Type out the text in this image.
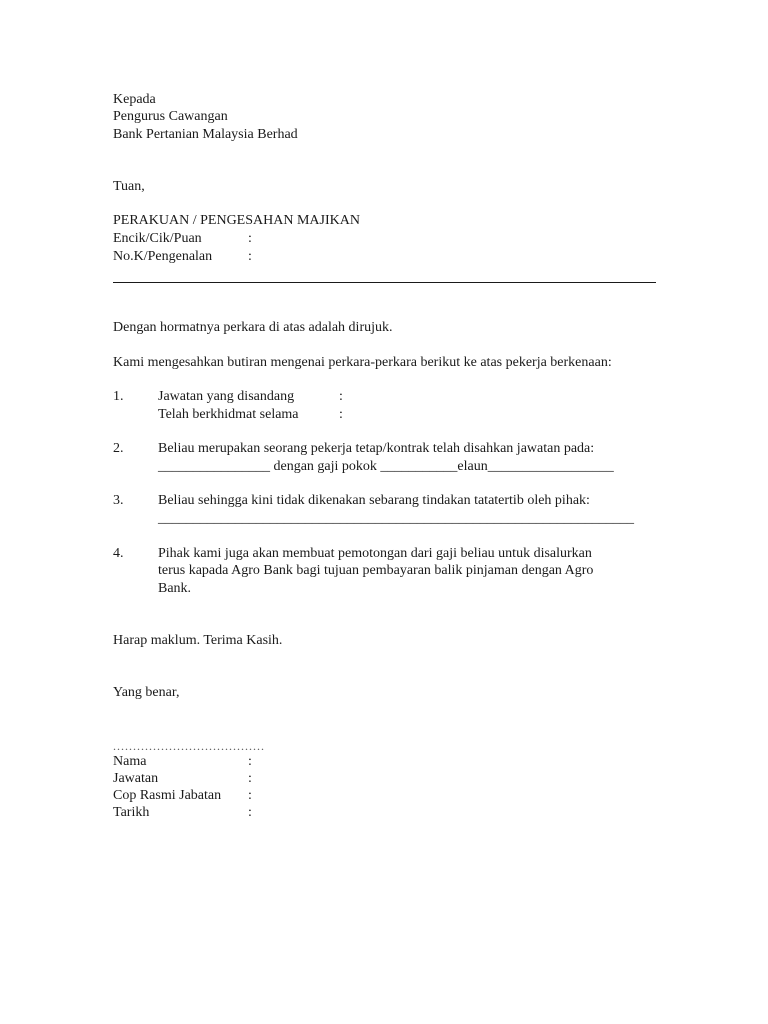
Kepada
Pengurus Cawangan
Bank Pertanian Malaysia Berhad
Tuan,
PERAKUAN / PENGESAHAN MAJIKAN
Encik/Cik/Puan	:
No.K/Pengenalan	:
Dengan hormatnya perkara di atas adalah dirujuk.
Kami mengesahkan butiran mengenai perkara-perkara berikut ke atas pekerja berkenaan:
1. Jawatan yang disandang	:
Telah berkhidmat selama	:
2. Beliau merupakan seorang pekerja tetap/kontrak telah disahkan jawatan pada:
________________ dengan gaji pokok ___________elaun__________________
3. Beliau sehingga kini tidak dikenakan sebarang tindakan tatatertib oleh pihak:
____________________________________________________________________
4. Pihak kami juga akan membuat pemotongan dari gaji beliau untuk disalurkan
terus kapada Agro Bank bagi tujuan pembayaran balik pinjaman dengan Agro
Bank.
Harap maklum. Terima Kasih.
Yang benar,
......................................
Nama	:
Jawatan	:
Cop Rasmi Jabatan :
Tarikh	:
